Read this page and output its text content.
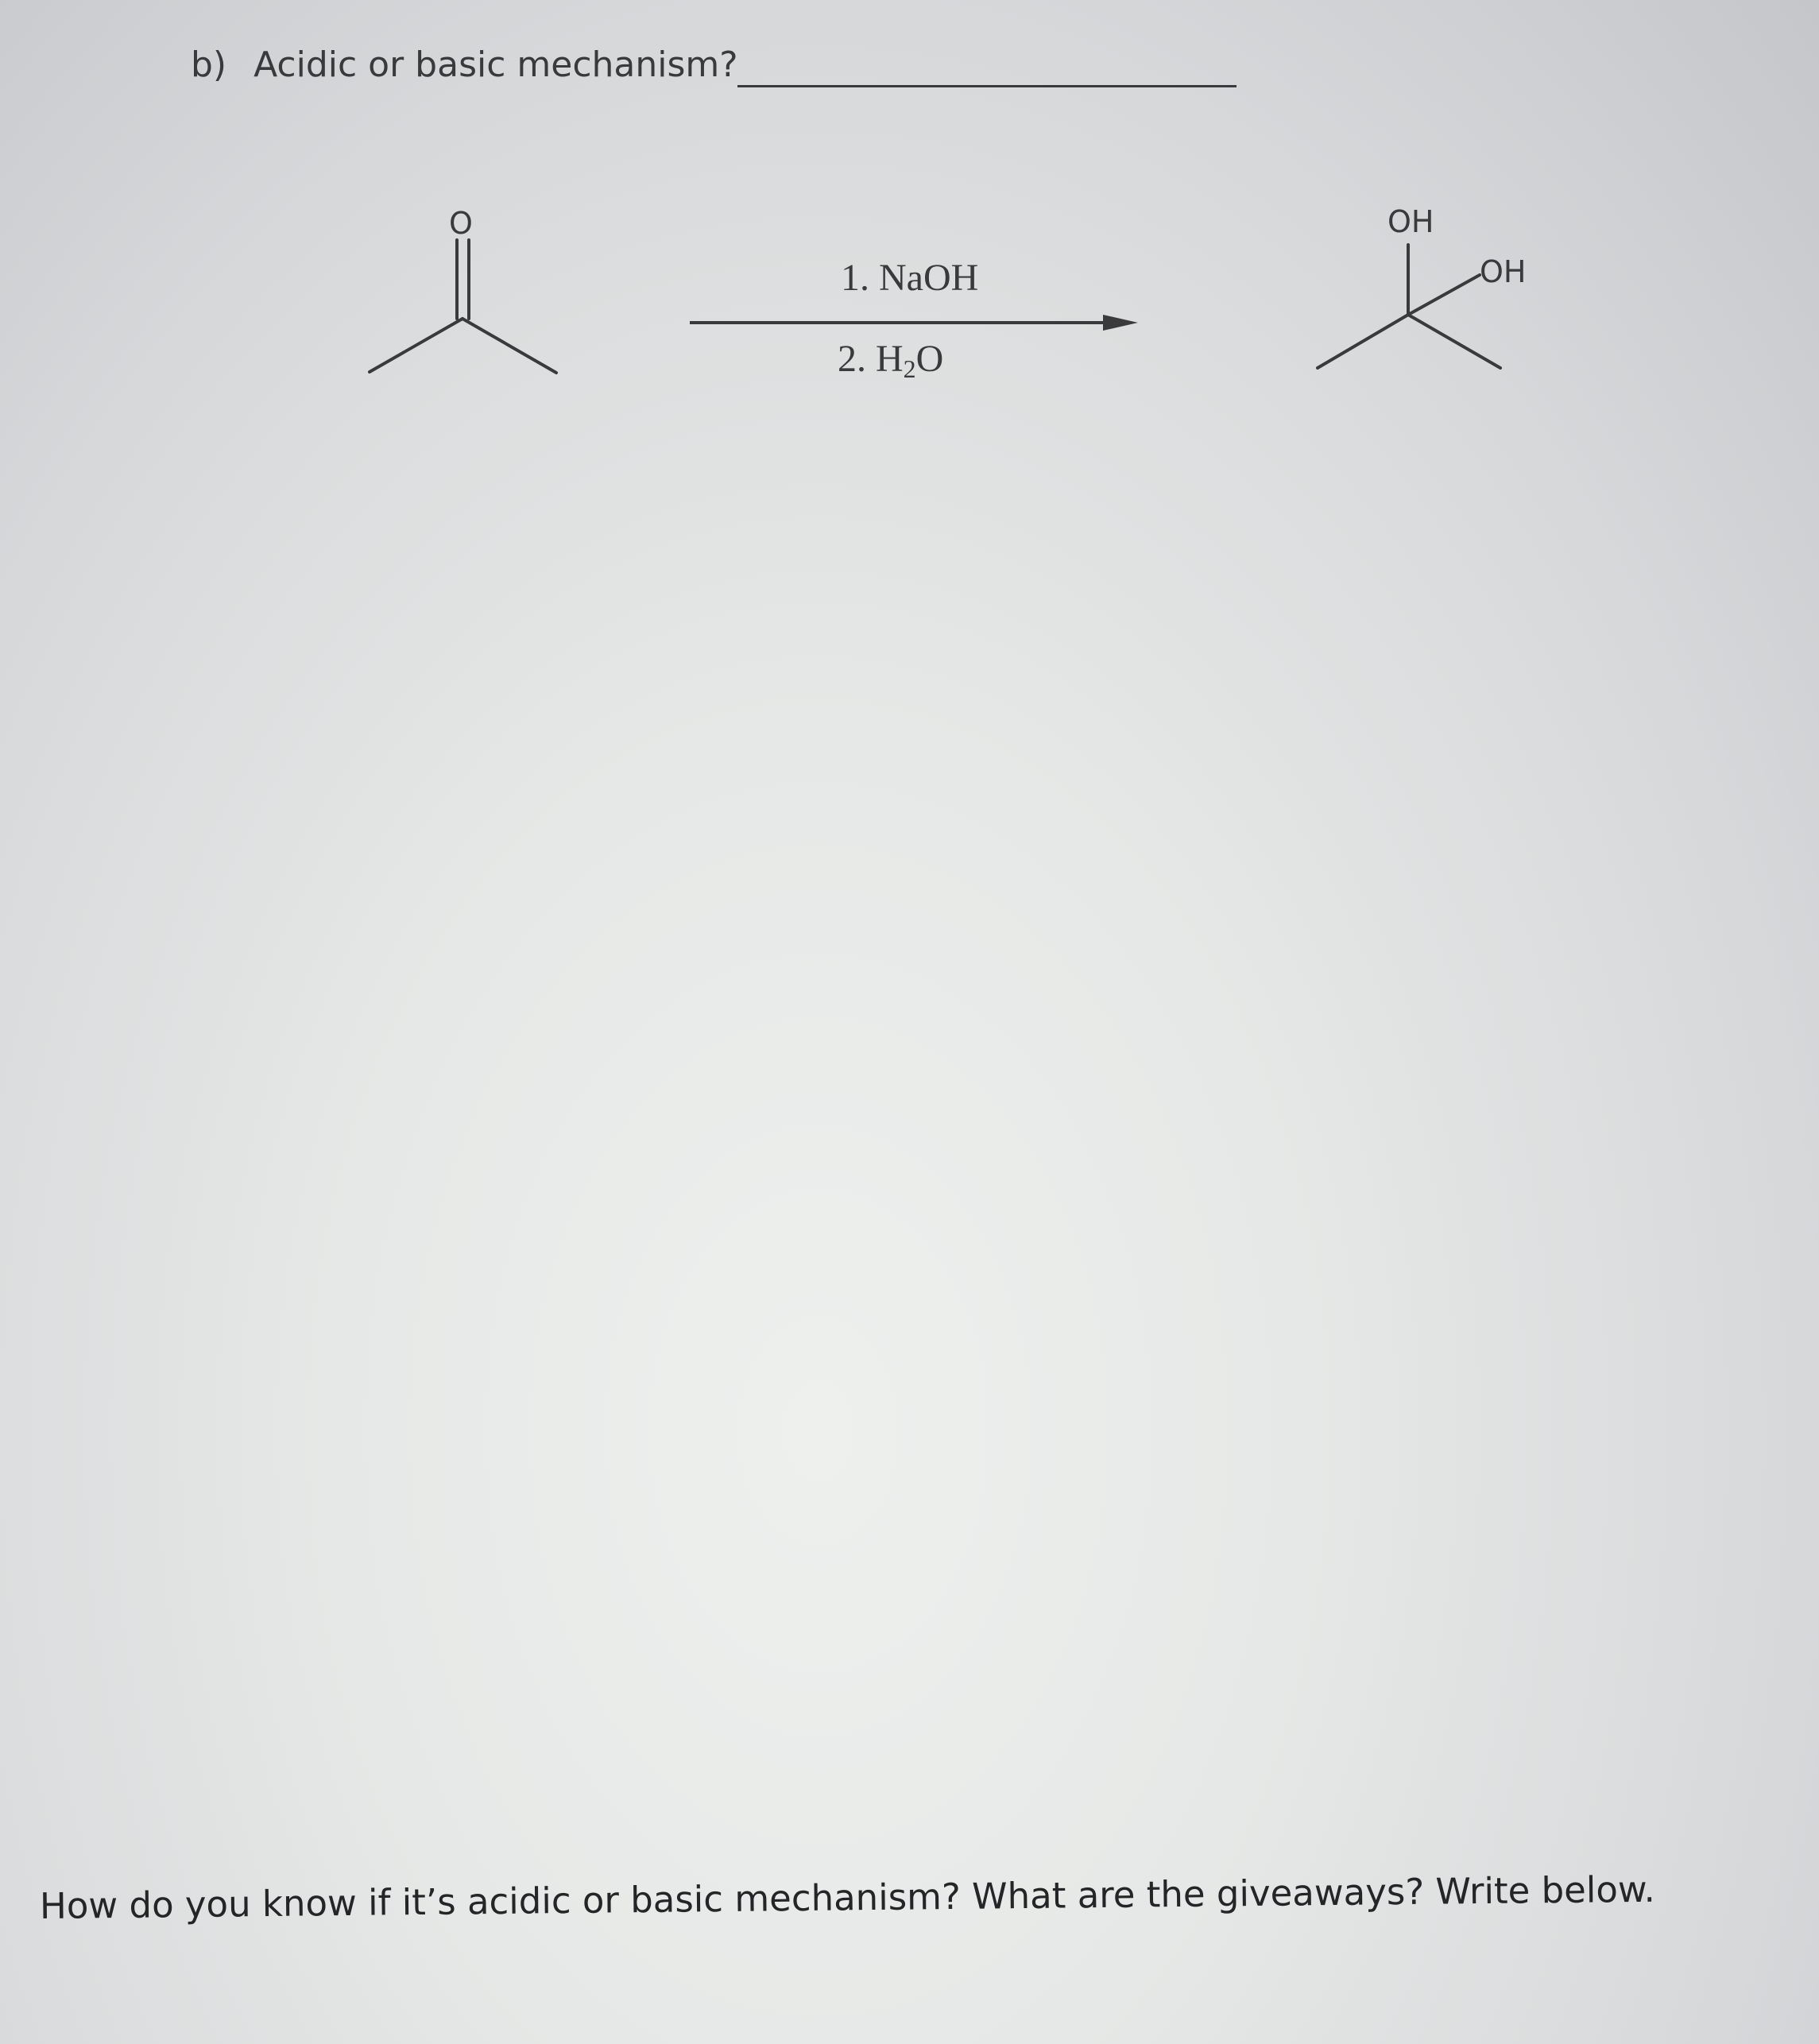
b) Acidic or basic mechanism?
O	OH
OH
1. NaOH
2. $H_2O$
How do you know if it’s acidic or basic mechanism? What are the giveaways? Write below.
